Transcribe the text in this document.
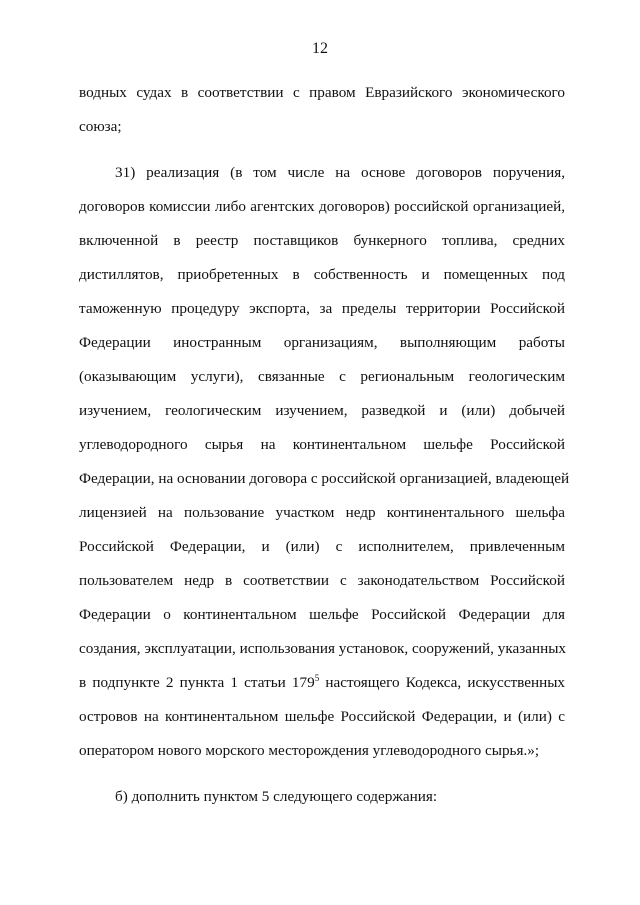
12
водных судах в соответствии с правом Евразийского экономического
союза;
31) реализация (в том числе на основе договоров поручения,
договоров комиссии либо агентских договоров) российской организацией,
включенной в реестр поставщиков бункерного топлива, средних
дистиллятов, приобретенных в собственность и помещенных под
таможенную процедуру экспорта, за пределы территории Российской
Федерации иностранным организациям, выполняющим работы
(оказывающим услуги), связанные с региональным геологическим
изучением, геологическим изучением, разведкой и (или) добычей
углеводородного сырья на континентальном шельфе Российской
Федерации, на основании договора с российской организацией, владеющей
лицензией на пользование участком недр континентального шельфа
Российской Федерации, и (или) с исполнителем, привлеченным
пользователем недр в соответствии с законодательством Российской
Федерации о континентальном шельфе Российской Федерации для
создания, эксплуатации, использования установок, сооружений, указанных
в подпункте 2 пункта 1 статьи $179^5$ настоящего Кодекса, искусственных
островов на континентальном шельфе Российской Федерации, и (или) с
оператором нового морского месторождения углеводородного сырья.»;
б) дополнить пунктом 5 следующего содержания:
